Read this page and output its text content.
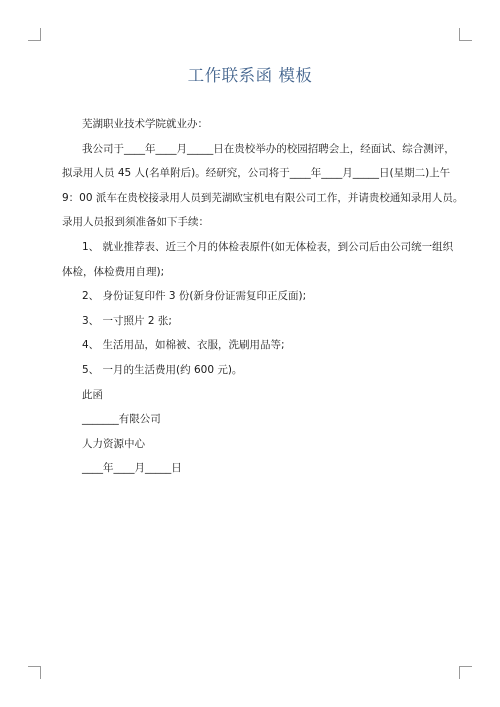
工作联系函 模板
芜湖职业技术学院就业办：
我公司于____年____月_____日在贵校举办的校园招聘会上，经面试、综合测评，
拟录用人员 45 人(名单附后)。经研究，公司将于____年____月_____日(星期二)上午
9：00 派车在贵校接录用人员到芜湖欧宝机电有限公司工作，并请贵校通知录用人员。
录用人员报到须准备如下手续：
1、 就业推荐表、近三个月的体检表原件(如无体检表，到公司后由公司统一组织
体检，体检费用自理);
2、 身份证复印件 3 份(新身份证需复印正反面);
3、 一寸照片 2 张;
4、 生活用品，如棉被、衣服，洗刷用品等;
5、 一月的生活费用(约 600 元)。
此函
_______有限公司
人力资源中心
____年____月_____日
